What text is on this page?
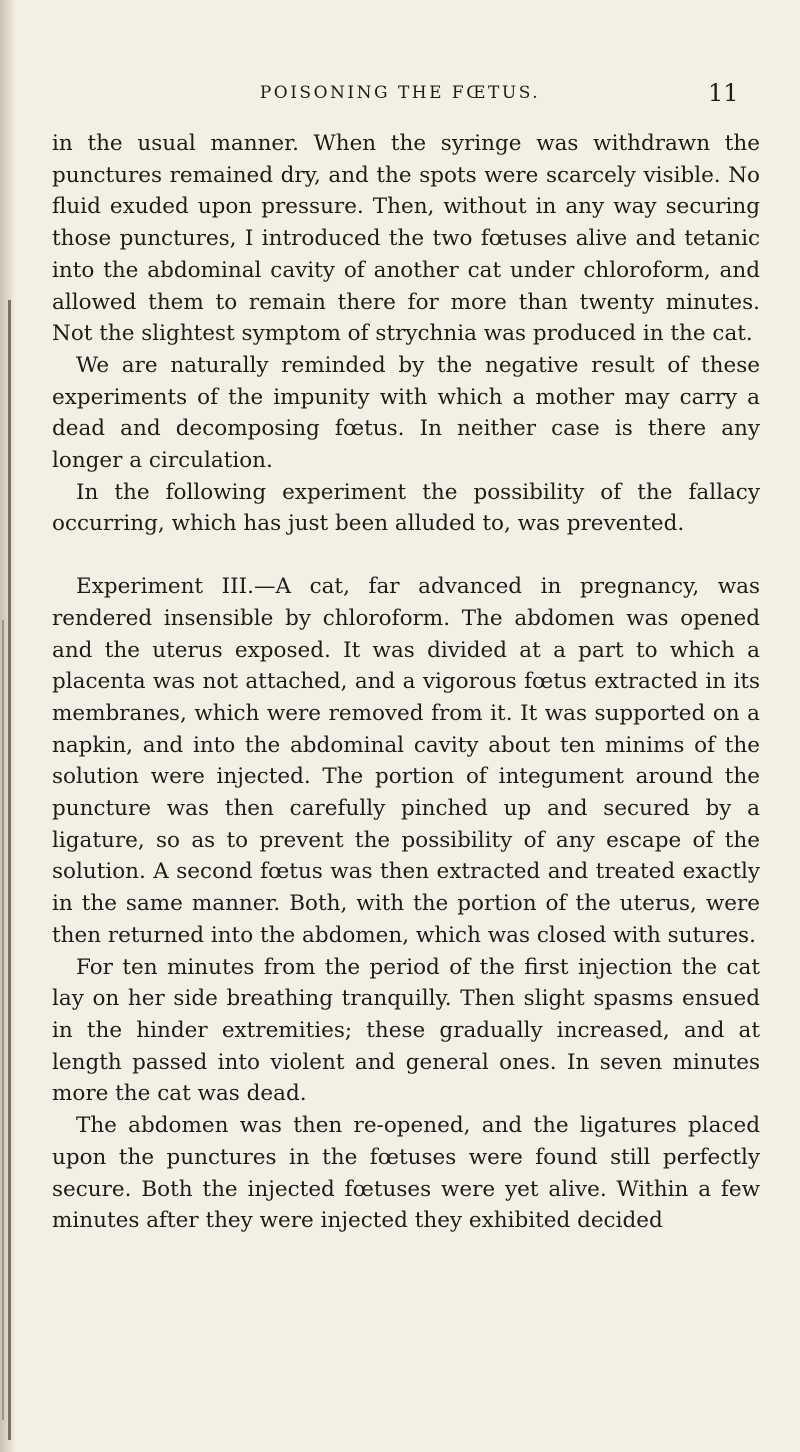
POISONING THE FŒTUS.	11

in the usual manner. When the syringe was withdrawn the punctures remained dry, and the spots were scarcely visible. No fluid exuded upon pressure. Then, without in any way securing those punctures, I introduced the two fœtuses alive and tetanic into the abdominal cavity of another cat under chloroform, and allowed them to remain there for more than twenty minutes. Not the slightest symptom of strychnia was produced in the cat.

We are naturally reminded by the negative result of these experiments of the impunity with which a mother may carry a dead and decomposing fœtus. In neither case is there any longer a circulation.

In the following experiment the possibility of the fallacy occurring, which has just been alluded to, was prevented.

Experiment III.—A cat, far advanced in pregnancy, was rendered insensible by chloroform. The abdomen was opened and the uterus exposed. It was divided at a part to which a placenta was not attached, and a vigorous fœtus extracted in its membranes, which were removed from it. It was supported on a napkin, and into the abdominal cavity about ten minims of the solution were injected. The portion of integument around the puncture was then carefully pinched up and secured by a ligature, so as to prevent the possibility of any escape of the solution. A second fœtus was then extracted and treated exactly in the same manner. Both, with the portion of the uterus, were then returned into the abdomen, which was closed with sutures.

For ten minutes from the period of the first injection the cat lay on her side breathing tranquilly. Then slight spasms ensued in the hinder extremities; these gradually increased, and at length passed into violent and general ones. In seven minutes more the cat was dead.

The abdomen was then re-opened, and the ligatures placed upon the punctures in the fœtuses were found still perfectly secure. Both the injected fœtuses were yet alive. Within a few minutes after they were injected they exhibited decided
